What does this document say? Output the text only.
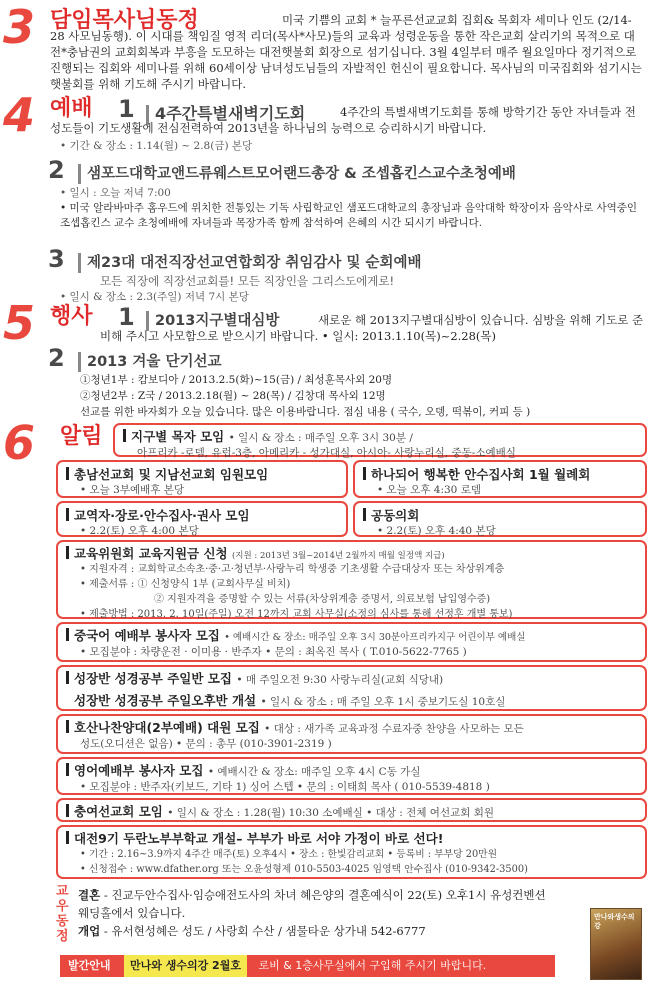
3 담임목사님동정	미국 기쁨의 교회 * 늘푸른선교교회 집회& 목회자 세미나 인도 (2/14-28 사모님동행). 이 시대를 책임질 영적 리더(목사*사모)들의 교육과 성령운동을 통한 작은교회 살리기의 목적으로 대전*충남권의 교회회복과 부흥을 도모하는 대전햇불회 회장으로 섬기십니다. 3월 4일부터 매주 월요일마다 정기적으로 진행되는 집회와 세미나를 위해 60세이상 남녀성도님들의 자발적인 헌신이 필요합니다. 목사님의 미국집회와 섬기시는 햇불회를 위해 기도해 주시기 바랍니다.
4 예배 1	4주간특별새벽기도회	4주간의 특별새벽기도회를 통해 방학기간 동안 자녀들과 전 성도들이 기도생활에 전심전력하여 2013년을 하나님의 능력으로 승리하시기 바랍니다.
• 기간 & 장소 : 1.14(월) ~ 2.8(금) 본당
2	샘포드대학교앤드류웨스트모어랜드총장 & 조셉홉킨스교수초청예배
• 일시 : 오늘 저녁 7:00
• 미국 알라바마주 홈우드에 위치한 전통있는 기독 사립학교인 샘포드대학교의 총장님과 음악대학 학장이자 음악사로 사역중인 조셉홉킨스 교수 초청예배에 자녀들과 목장가족 함께 참석하여 은혜의 시간 되시기 바랍니다.
3	제23대 대전직장선교연합회장 취임감사 및 순회예배
모든 직장에 직장선교회를! 모든 직장인을 그리스도에게로!
• 일시 & 장소 : 2.3(주일) 저녁 7시 본당
5 행사 1	2013지구별대심방	새로운 해 2013지구별대심방이 있습니다. 심방을 위해 기도로 준비해 주시고 사모함으로 받으시기 바랍니다. • 일시: 2013.1.10(목)~2.28(목)
2	2013 겨울 단기선교
①청년1부 : 캄보디아 / 2013.2.5(화)~15(금) / 최성훈목사외 20명
②청년2부 : Z국 / 2013.2.18(월) ~ 28(목) / 김창대 목사외 12명
선교를 위한 바자회가 오늘 있습니다. 많은 이용바랍니다. 점심 내용 ( 국수, 오뎅, 떡볶이, 커피 등 )
6 알림	지구별 목자 모임 • 일시 & 장소 : 매주일 오후 3시 30분 /
아프리카 -로뎀, 유럽-3층, 아메리카 - 성가대실, 아시아- 사랑누리실, 중동-소예배실
총남선교회 및 지남선교회 임원모임
• 오늘 3부예배후 본당
하나되어 행복한 안수집사회 1월 월례회
• 오늘 오후 4:30 로뎀
교역자·장로·안수집사·권사 모임
• 2.2(토) 오후 4:00 본당
공동의회
• 2.2(토) 오후 4:40 본당
교육위원회 교육지원금 신청 (지원 : 2013년 3월~2014년 2월까지 매월 일정액 지급)
• 지원자격 : 교회학교소속초·중·고·청년부·사랑누리 학생중 기초생활 수급대상자 또는 차상위계층
• 제출서류 : ① 신청양식 1부 (교회사무실 비치)
② 지원자격을 증명할 수 있는 서류(차상위계층 증명서, 의료보험 납입영수증)
• 제출방법 : 2013. 2. 10일(주일) 오전 12까지 교회 사무실(소정의 심사를 통해 선정후 개별 통보)
중국어 예배부 봉사자 모집 • 예배시간 & 장소: 매주일 오후 3시 30분아프리카지구 어린이부 예배실
• 모집분야 : 차량운전 · 이미용 · 반주자 • 문의 : 최옥진 목사 ( T.010-5622-7765 )
성장반 성경공부 주일반 모집 • 매 주일오전 9:30 사랑누리실(교회 식당내)
성장반 성경공부 주일오후반 개설 • 일시 & 장소 : 매 주일 오후 1시 중보기도실 10호실
호산나찬양대(2부예배) 대원 모집 • 대상 : 새가족 교육과정 수료자중 찬양을 사모하는 모든
성도(오디션은 없음) • 문의 : 총무 (010-3901-2319 )
영어예배부 봉사자 모집 • 예배시간 & 장소: 매주일 오후 4시 C동 가실
• 모집분야 : 반주자(키보드, 기타 1) 싱어 스텝 • 문의 : 이태희 목사 ( 010-5539-4818 )
충여선교회 모임 • 일시 & 장소 : 1.28(월) 10:30 소예배실 • 대상 : 전체 여선교회 회원
대전9기 두란노부부학교 개설– 부부가 바로 서야 가정이 바로 선다!
• 기간 : 2.16~3.9까지 4주간 매주(토) 오후4시 • 장소 : 한빛감리교회 • 등록비 : 부부당 20만원
• 신청접수 : www.dfather.org 또는 오윤성형제 010-5503-4025 임영택 안수집사 (010-9342-3500)
교우동정
결혼 - 진교두안수집사·임승애전도사의 차녀 혜은양의 결혼예식이 22(토) 오후1시 유성컨벤션웨딩홀에서 있습니다.
개업 - 유서현성혜은 성도 / 사랑회 수산 / 샘물타운 상가내 542-6777
발간안내 만나와 생수의강 2월호 로비 & 1층사무실에서 구입해 주시기 바랍니다.
만나와생수의강
